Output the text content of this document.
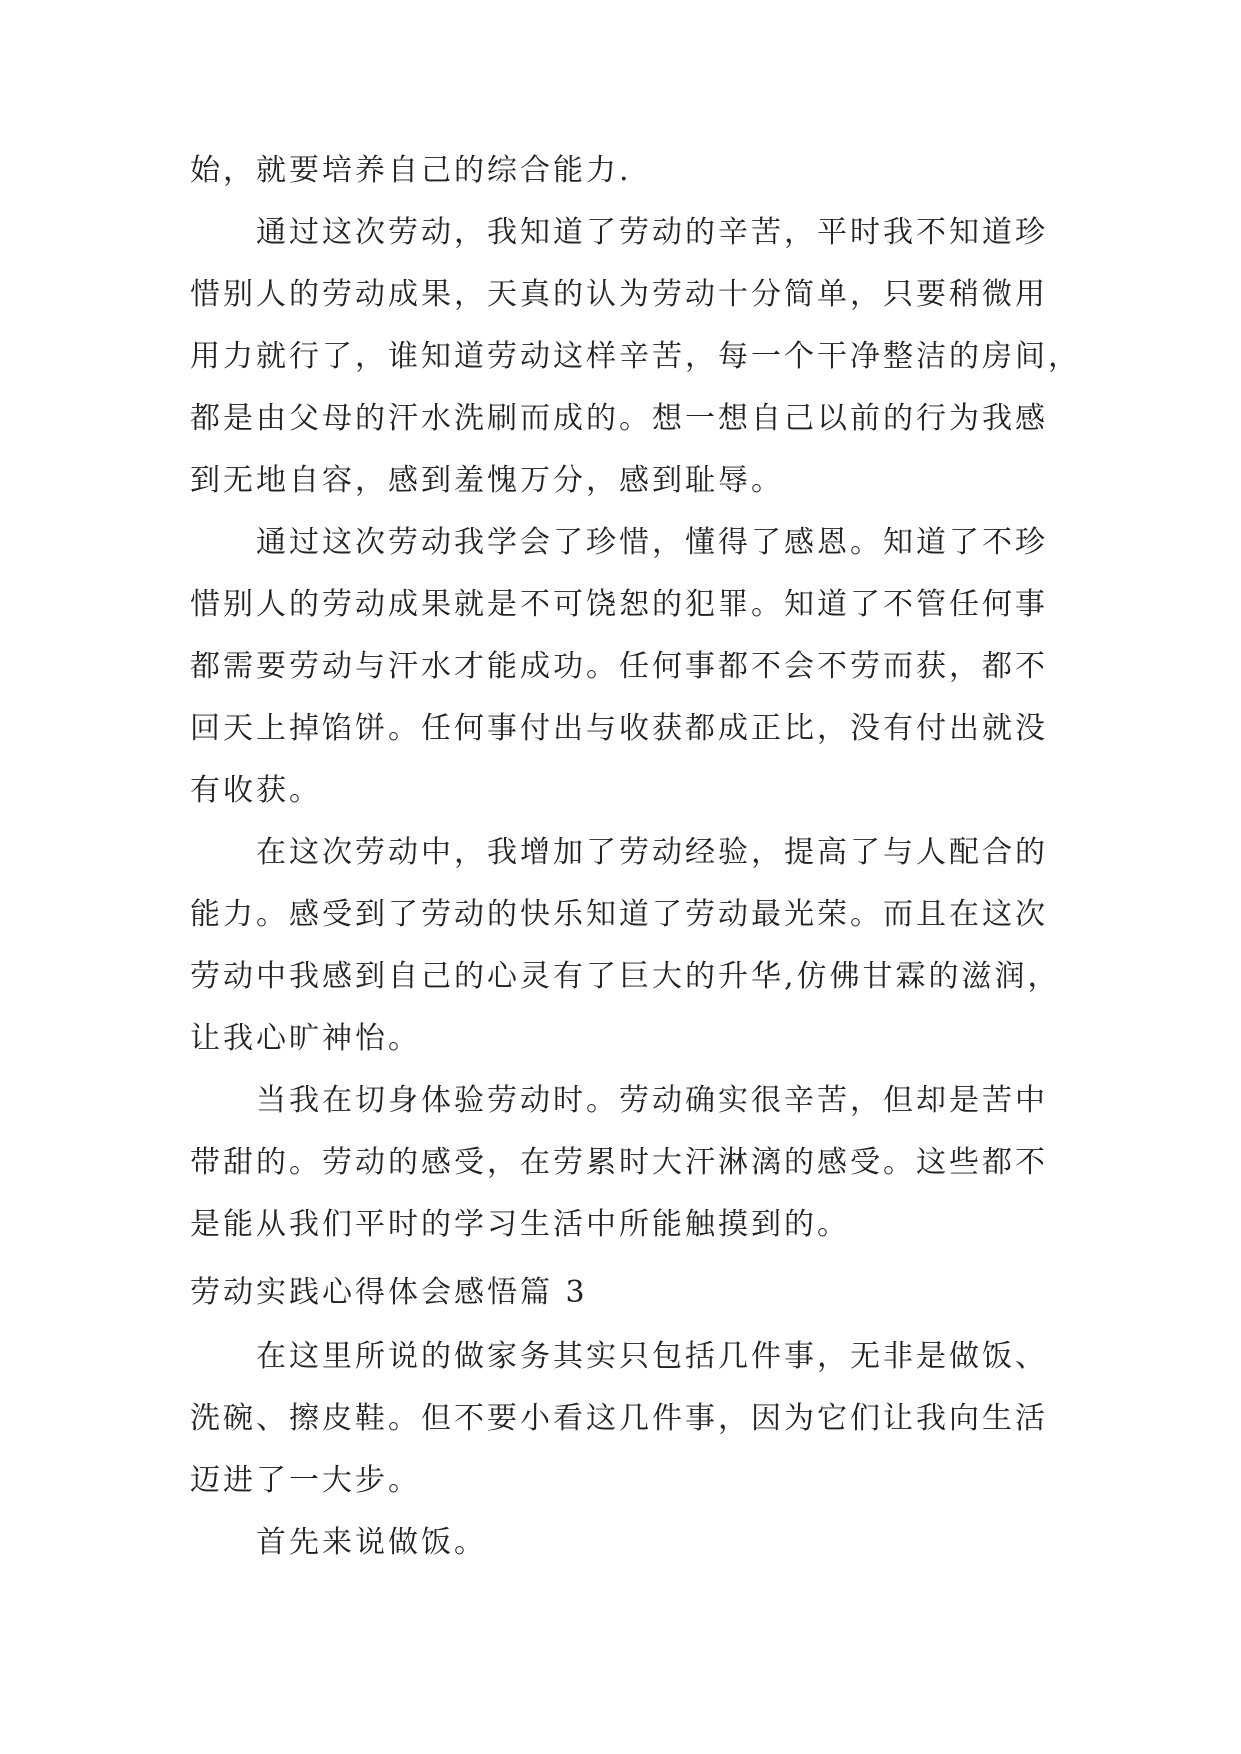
始，就要培养自己的综合能力.
通过这次劳动，我知道了劳动的辛苦，平时我不知道珍
惜别人的劳动成果，天真的认为劳动十分简单，只要稍微用
用力就行了，谁知道劳动这样辛苦，每一个干净整洁的房间，
都是由父母的汗水洗刷而成的。想一想自己以前的行为我感
到无地自容，感到羞愧万分，感到耻辱。
通过这次劳动我学会了珍惜，懂得了感恩。知道了不珍
惜别人的劳动成果就是不可饶恕的犯罪。知道了不管任何事
都需要劳动与汗水才能成功。任何事都不会不劳而获，都不
回天上掉馅饼。任何事付出与收获都成正比，没有付出就没
有收获。
在这次劳动中，我增加了劳动经验，提高了与人配合的
能力。感受到了劳动的快乐知道了劳动最光荣。而且在这次
劳动中我感到自己的心灵有了巨大的升华,仿佛甘霖的滋润，
让我心旷神怡。
当我在切身体验劳动时。劳动确实很辛苦，但却是苦中
带甜的。劳动的感受，在劳累时大汗淋漓的感受。这些都不
是能从我们平时的学习生活中所能触摸到的。
劳动实践心得体会感悟篇 3
在这里所说的做家务其实只包括几件事，无非是做饭、
洗碗、擦皮鞋。但不要小看这几件事，因为它们让我向生活
迈进了一大步。
首先来说做饭。
